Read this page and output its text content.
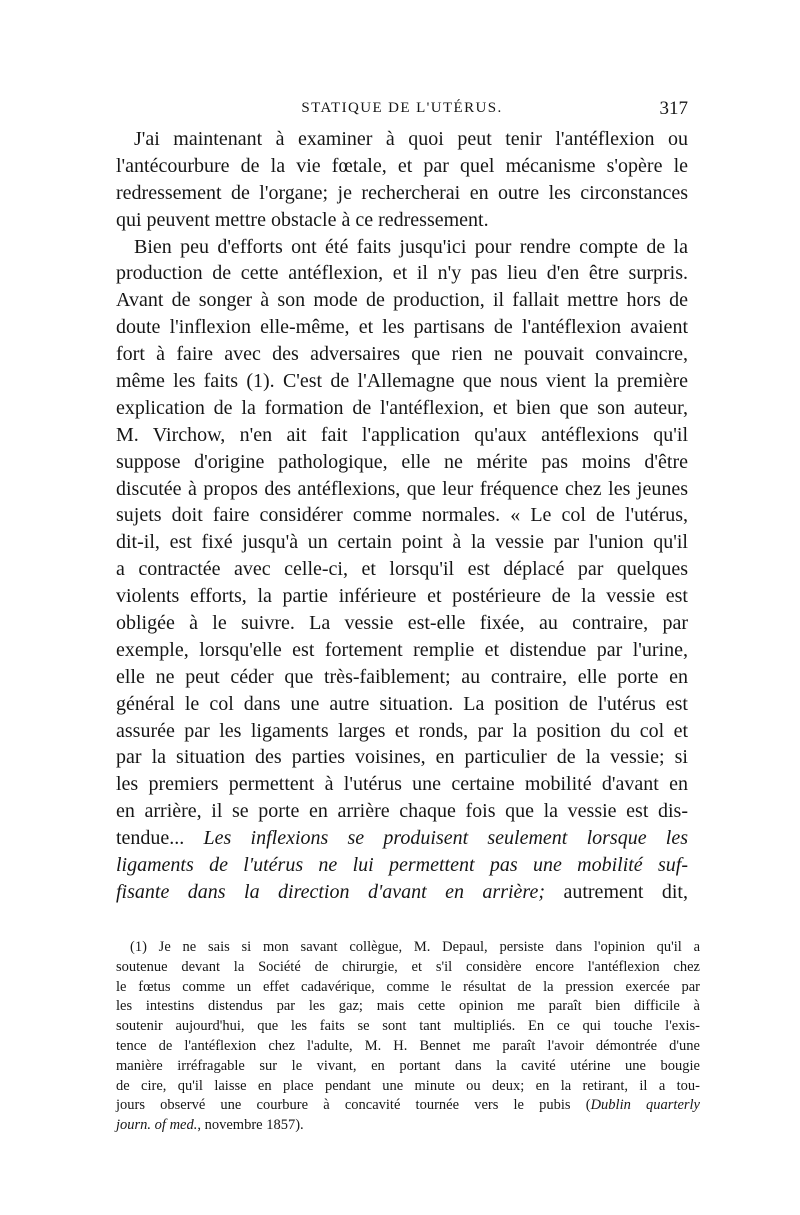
STATIQUE DE L'UTÉRUS.	317
J'ai maintenant à examiner à quoi peut tenir l'antéflexion ou
l'antécourbure de la vie fœtale, et par quel mécanisme s'opère le
redressement de l'organe; je rechercherai en outre les circonstances
qui peuvent mettre obstacle à ce redressement.
Bien peu d'efforts ont été faits jusqu'ici pour rendre compte de la
production de cette antéflexion, et il n'y pas lieu d'en être surpris.
Avant de songer à son mode de production, il fallait mettre hors de
doute l'inflexion elle-même, et les partisans de l'antéflexion avaient
fort à faire avec des adversaires que rien ne pouvait convaincre,
même les faits (1). C'est de l'Allemagne que nous vient la première
explication de la formation de l'antéflexion, et bien que son auteur,
M. Virchow, n'en ait fait l'application qu'aux antéflexions qu'il
suppose d'origine pathologique, elle ne mérite pas moins d'être
discutée à propos des antéflexions, que leur fréquence chez les jeunes
sujets doit faire considérer comme normales. « Le col de l'utérus,
dit-il, est fixé jusqu'à un certain point à la vessie par l'union qu'il
a contractée avec celle-ci, et lorsqu'il est déplacé par quelques
violents efforts, la partie inférieure et postérieure de la vessie est
obligée à le suivre. La vessie est-elle fixée, au contraire, par
exemple, lorsqu'elle est fortement remplie et distendue par l'urine,
elle ne peut céder que très-faiblement; au contraire, elle porte en
général le col dans une autre situation. La position de l'utérus est
assurée par les ligaments larges et ronds, par la position du col et
par la situation des parties voisines, en particulier de la vessie; si
les premiers permettent à l'utérus une certaine mobilité d'avant en
en arrière, il se porte en arrière chaque fois que la vessie est dis-
tendue... Les inflexions se produisent seulement lorsque les
ligaments de l'utérus ne lui permettent pas une mobilité suf-
fisante dans la direction d'avant en arrière; autrement dit,
(1) Je ne sais si mon savant collègue, M. Depaul, persiste dans l'opinion qu'il a
soutenue devant la Société de chirurgie, et s'il considère encore l'antéflexion chez
le fœtus comme un effet cadavérique, comme le résultat de la pression exercée par
les intestins distendus par les gaz; mais cette opinion me paraît bien difficile à
soutenir aujourd'hui, que les faits se sont tant multipliés. En ce qui touche l'exis-
tence de l'antéflexion chez l'adulte, M. H. Bennet me paraît l'avoir démontrée d'une
manière irréfragable sur le vivant, en portant dans la cavité utérine une bougie
de cire, qu'il laisse en place pendant une minute ou deux; en la retirant, il a tou-
jours observé une courbure à concavité tournée vers le pubis (Dublin quarterly
journ. of med., novembre 1857).
